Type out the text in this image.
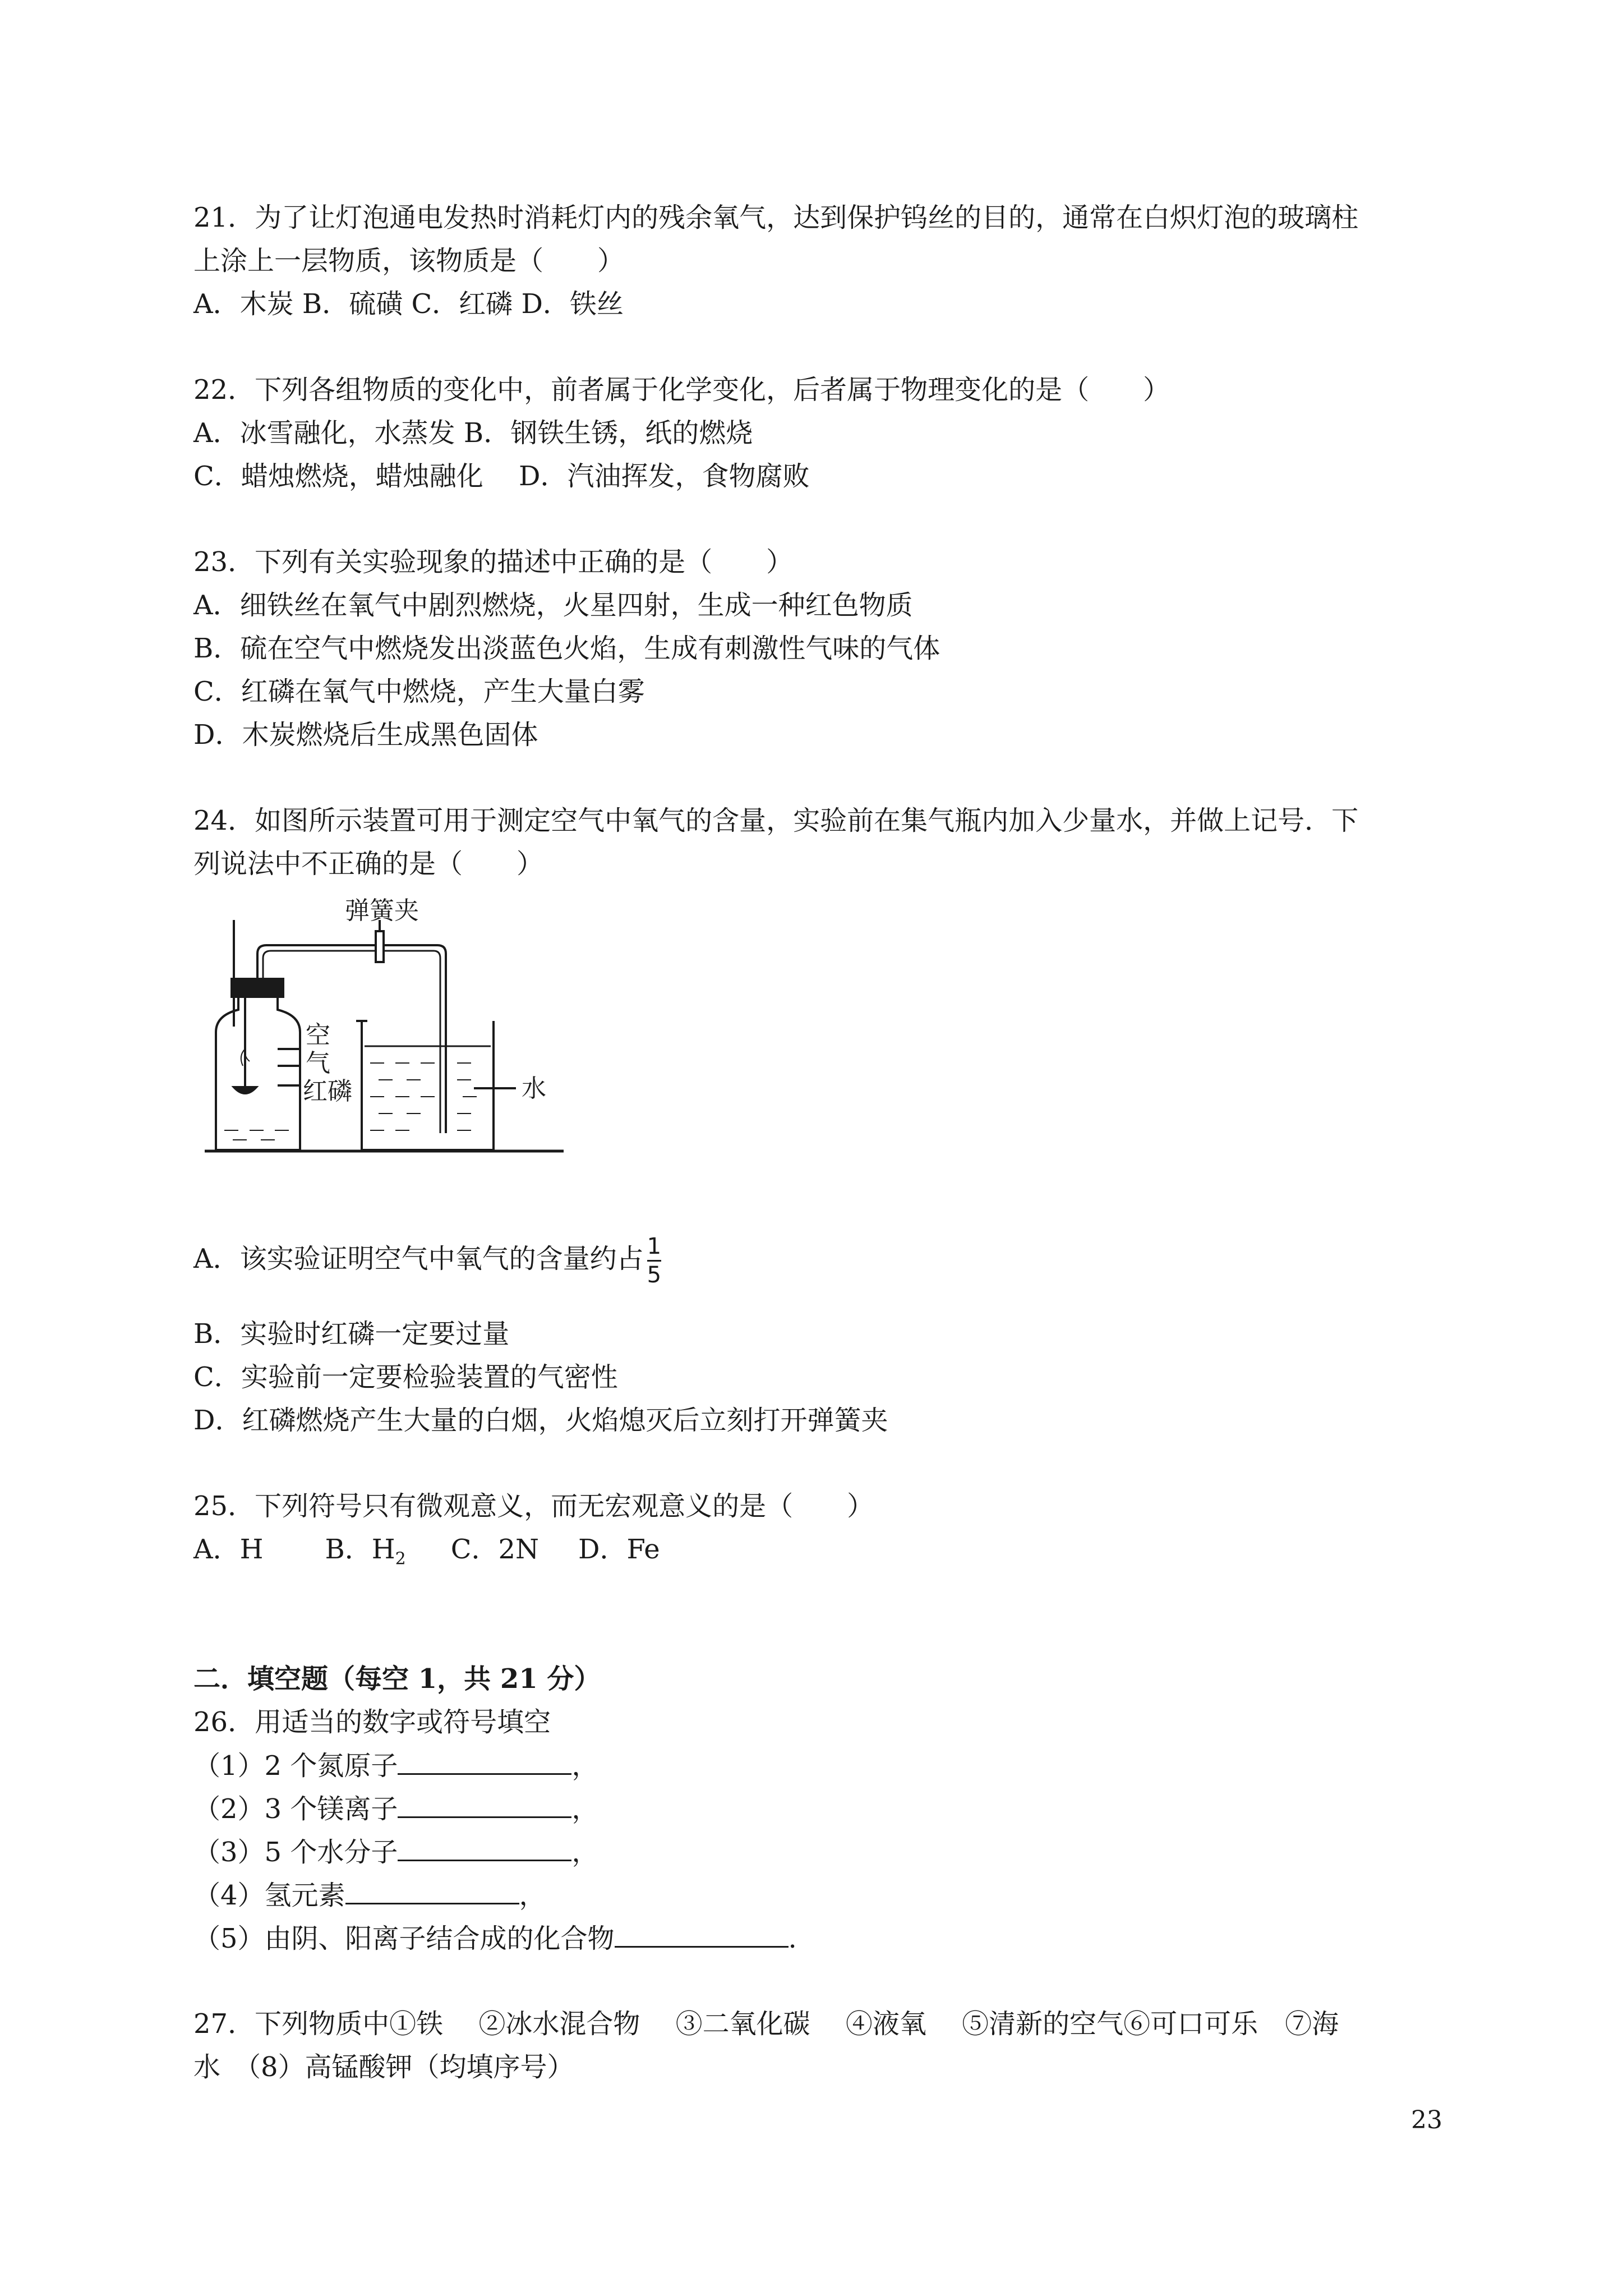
21．为了让灯泡通电发热时消耗灯内的残余氧气，达到保护钨丝的目的，通常在白炽灯泡的玻璃柱
上涂上一层物质，该物质是（　　）
A．木炭 B．硫磺 C．红磷 D．铁丝
22．下列各组物质的变化中，前者属于化学变化，后者属于物理变化的是（　　）
A．冰雪融化，水蒸发 B．钢铁生锈，纸的燃烧
C．蜡烛燃烧，蜡烛融化　 D．汽油挥发，食物腐败
23．下列有关实验现象的描述中正确的是（　　）
A．细铁丝在氧气中剧烈燃烧，火星四射，生成一种红色物质
B．硫在空气中燃烧发出淡蓝色火焰，生成有刺激性气味的气体
C．红磷在氧气中燃烧，产生大量白雾
D．木炭燃烧后生成黑色固体
24．如图所示装置可用于测定空气中氧气的含量，实验前在集气瓶内加入少量水，并做上记号．下
列说法中不正确的是（　　）
弹簧夹
空
气
红磷	水
A．该实验证明空气中氧气的含量约占 $\frac{1}{5}$
B．实验时红磷一定要过量
C．实验前一定要检验装置的气密性
D．红磷燃烧产生大量的白烟，火焰熄灭后立刻打开弹簧夹
25．下列符号只有微观意义，而无宏观意义的是（　　）
A．H B．$H_2$ C．2N D．Fe
二．填空题（每空 1，共 21 分）
26．用适当的数字或符号填空
（1）2 个氮原子	，
（2）3 个镁离子	，
（3）5 个水分子	，
（4）氢元素	，
（5）由阴、阳离子结合成的化合物	.
27．下列物质中①铁　 ②冰水混合物　 ③二氧化碳　 ④液氧　 ⑤清新的空气⑥可口可乐　⑦海
水　（8）高锰酸钾（均填序号）
23
